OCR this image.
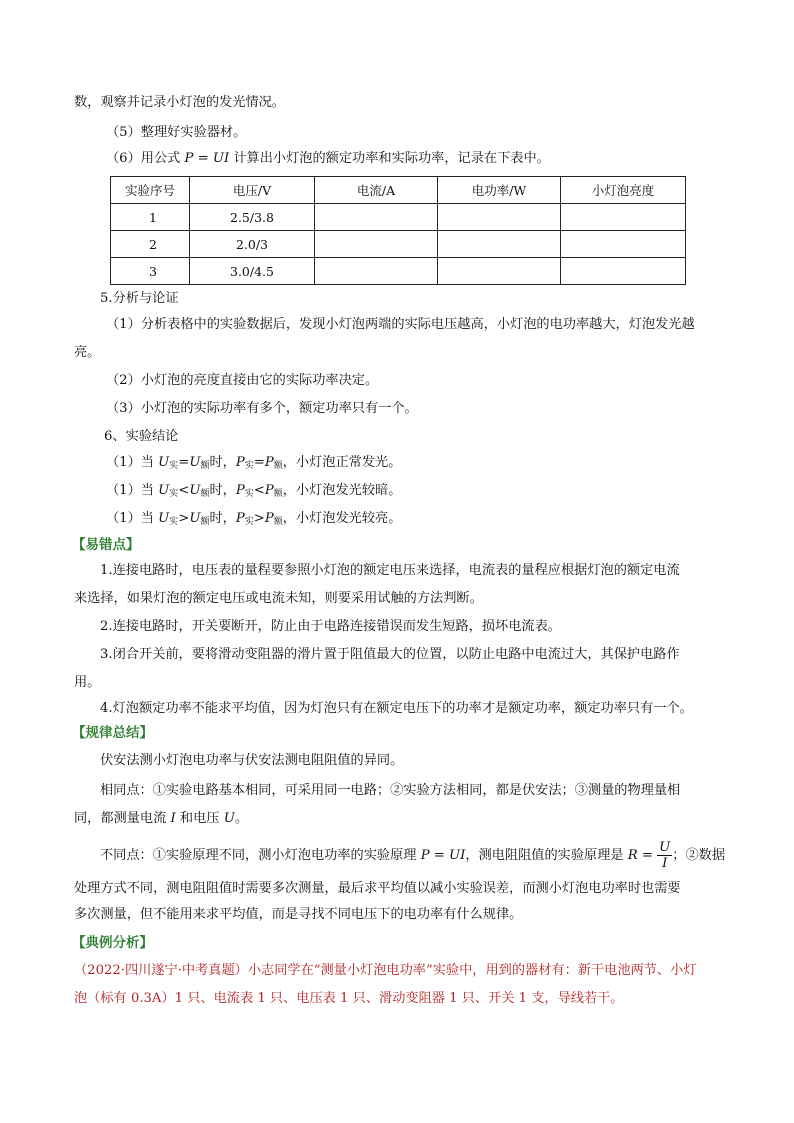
数，观察并记录小灯泡的发光情况。
（5）整理好实验器材。
（6）用公式 P = UI 计算出小灯泡的额定功率和实际功率，记录在下表中。
实验序号	电压/V	电流/A	电功率/W	小灯泡亮度
1	2.5/3.8			
2	2.0/3			
3	3.0/4.5			
5.分析与论证
（1）分析表格中的实验数据后，发现小灯泡两端的实际电压越高，小灯泡的电功率越大，灯泡发光越
亮。
（2）小灯泡的亮度直接由它的实际功率决定。
（3）小灯泡的实际功率有多个，额定功率只有一个。
6、实验结论
（1）当 $U_实=U_额$时，$P_实=P_额$，小灯泡正常发光。
（1）当 $U_实<U_额$时，$P_实<P_额$，小灯泡发光较暗。
（1）当 $U_实>U_额$时，$P_实>P_额$，小灯泡发光较亮。
【易错点】
1.连接电路时，电压表的量程要参照小灯泡的额定电压来选择，电流表的量程应根据灯泡的额定电流
来选择，如果灯泡的额定电压或电流未知，则要采用试触的方法判断。
2.连接电路时，开关要断开，防止由于电路连接错误而发生短路，损坏电流表。
3.闭合开关前，要将滑动变阻器的滑片置于阻值最大的位置，以防止电路中电流过大，其保护电路作
用。
4.灯泡额定功率不能求平均值，因为灯泡只有在额定电压下的功率才是额定功率，额定功率只有一个。
【规律总结】
伏安法测小灯泡电功率与伏安法测电阻阻值的异同。
相同点：①实验电路基本相同，可采用同一电路；②实验方法相同，都是伏安法；③测量的物理量相
同，都测量电流 I 和电压 U。
不同点：①实验原理不同，测小灯泡电功率的实验原理 P = UI，测电阻阻值的实验原理是 $R = \frac{U}{I}$ ；②数据
处理方式不同，测电阻阻值时需要多次测量，最后求平均值以减小实验误差，而测小灯泡电功率时也需要
多次测量，但不能用来求平均值，而是寻找不同电压下的电功率有什么规律。
【典例分析】
（2022·四川遂宁·中考真题）小志同学在“测量小灯泡电功率”实验中，用到的器材有：新干电池两节、小灯
泡（标有 0.3A）1 只、电流表 1 只、电压表 1 只、滑动变阻器 1 只、开关 1 支，导线若干。
